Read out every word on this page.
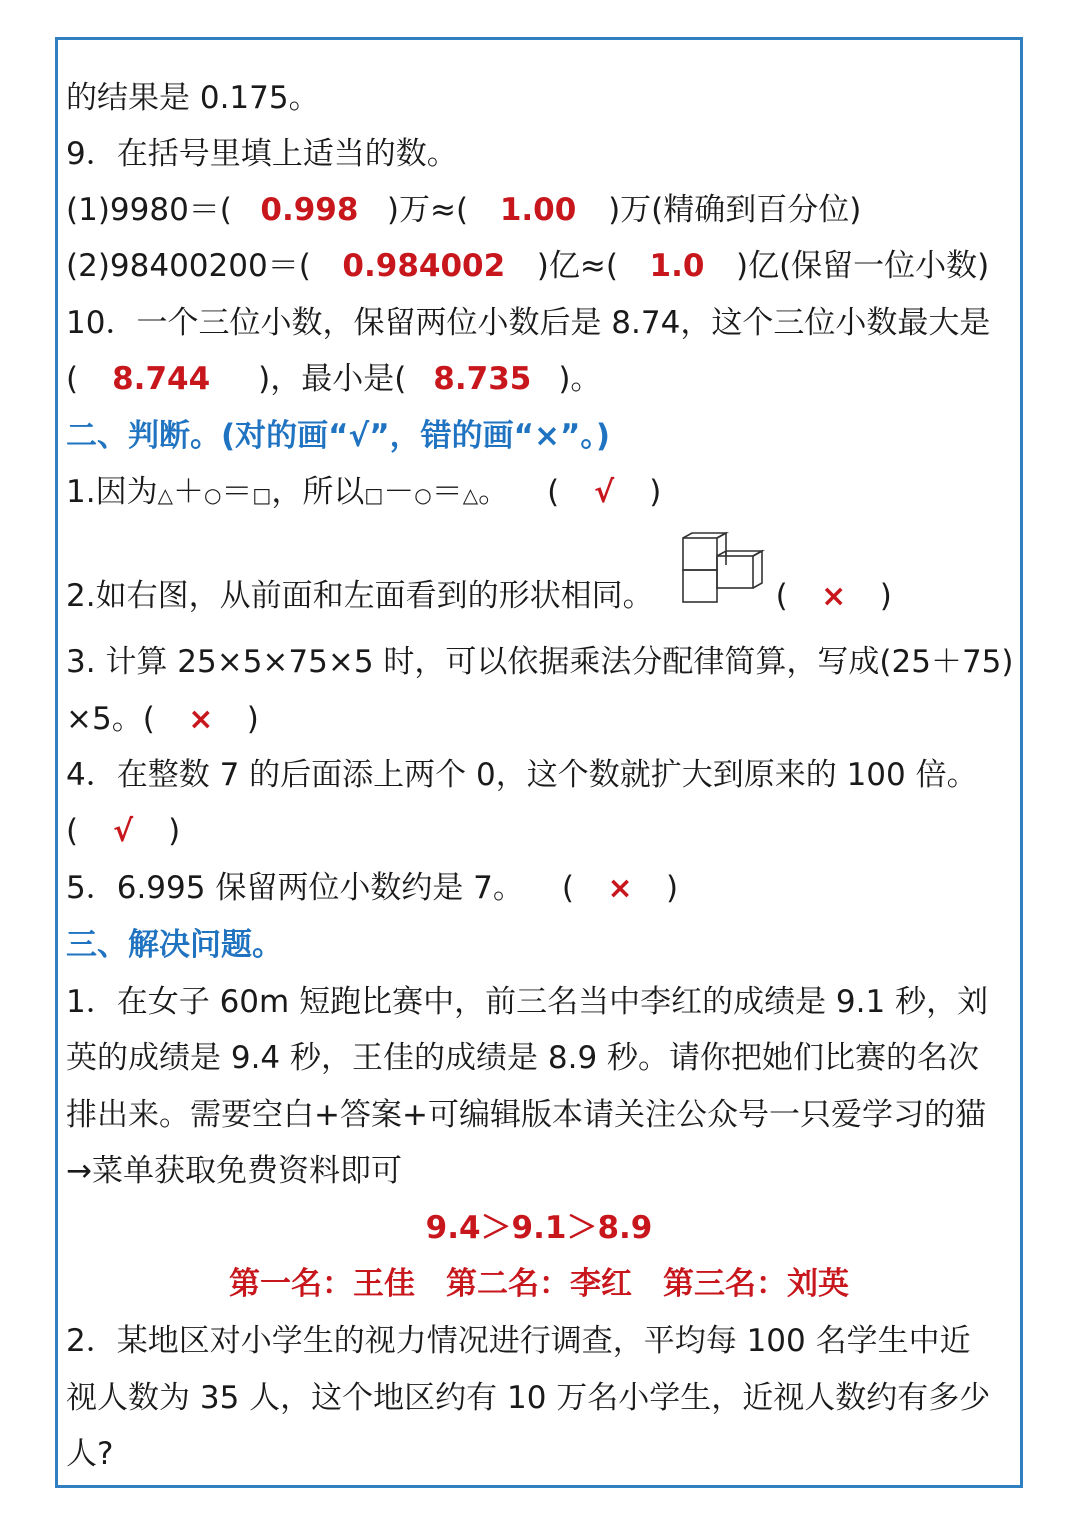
的结果是 0.175。
9．在括号里填上适当的数。
(1)9980＝( 0.998 )万≈( 1.00 )万(精确到百分位)
(2)98400200＝( 0.984002 )亿≈( 1.0 )亿(保留一位小数)
10．一个三位小数，保留两位小数后是 8.74，这个三位小数最大是
( 8.744 )，最小是( 8.735 )。
二、判断。(对的画“√”，错的画“×”。)
1.因为△＋○＝□，所以□－○＝△。 ( √ )
2.如右图，从前面和左面看到的形状相同。	( × )
3. 计算 25×5×75×5 时，可以依据乘法分配律简算，写成(25＋75)
×5。( × )
4．在整数 7 的后面添上两个 0，这个数就扩大到原来的 100 倍。
( √ )
5．6.995 保留两位小数约是 7。 ( × )
三、解决问题。
1．在女子 60m 短跑比赛中，前三名当中李红的成绩是 9.1 秒，刘
英的成绩是 9.4 秒，王佳的成绩是 8.9 秒。请你把她们比赛的名次
排出来。需要空白+答案+可编辑版本请关注公众号一只爱学习的猫
→菜单获取免费资料即可
9.4＞9.1＞8.9
第一名：王佳　第二名：李红　第三名：刘英
2．某地区对小学生的视力情况进行调查，平均每 100 名学生中近
视人数为 35 人，这个地区约有 10 万名小学生，近视人数约有多少
人?
